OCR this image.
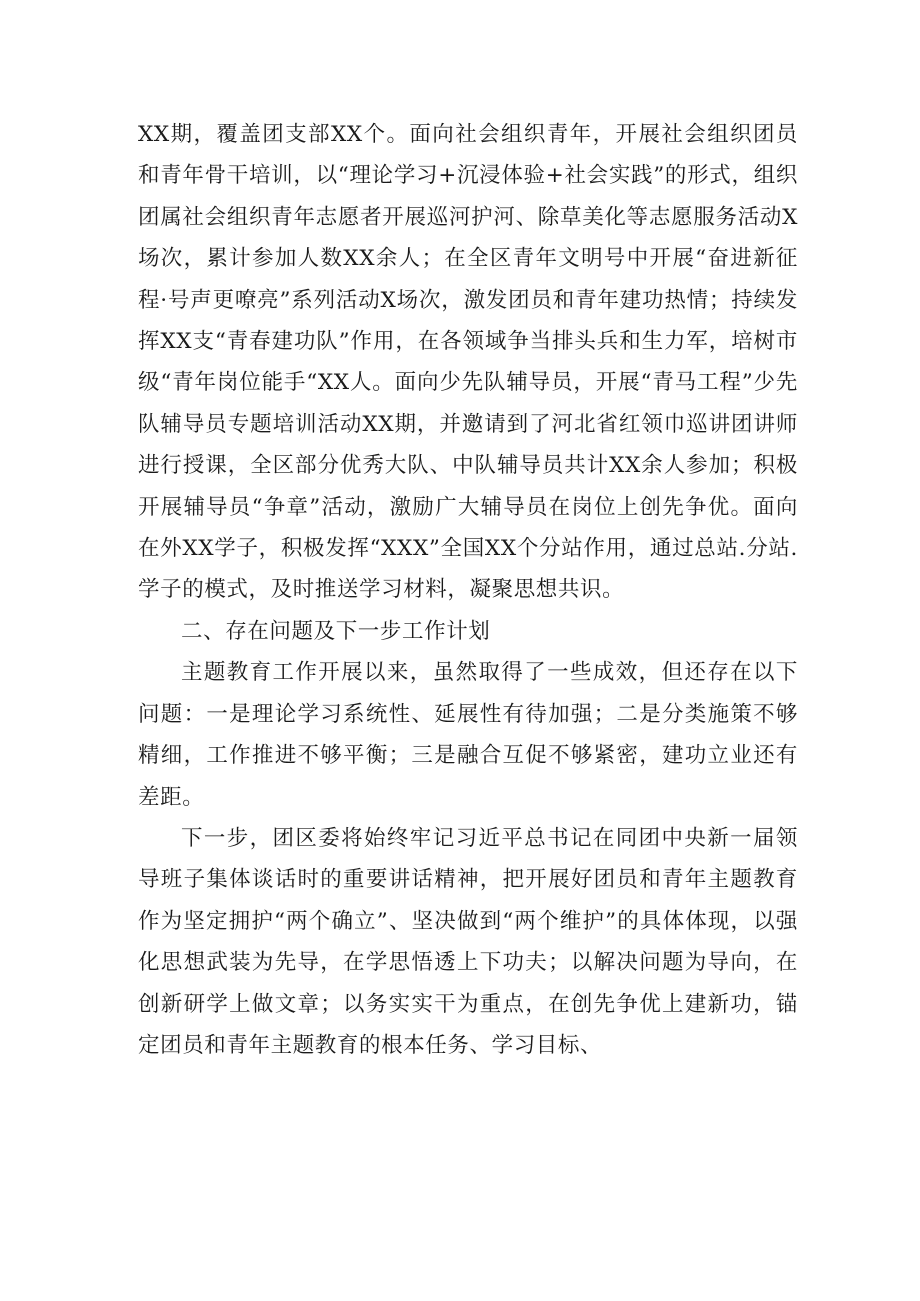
XX期，覆盖团支部XX个。面向社会组织青年，开展社会组织团员和青年骨干培训，以“理论学习+沉浸体验+社会实践”的形式，组织团属社会组织青年志愿者开展巡河护河、除草美化等志愿服务活动X场次，累计参加人数XX余人；在全区青年文明号中开展“奋进新征程·号声更嘹亮”系列活动X场次，激发团员和青年建功热情；持续发挥XX支“青春建功队”作用，在各领域争当排头兵和生力军，培树市级“青年岗位能手“XX人。面向少先队辅导员，开展“青马工程”少先队辅导员专题培训活动XX期，并邀请到了河北省红领巾巡讲团讲师进行授课，全区部分优秀大队、中队辅导员共计XX余人参加；积极开展辅导员“争章”活动，激励广大辅导员在岗位上创先争优。面向在外XX学子，积极发挥“XXX”全国XX个分站作用，通过总站.分站.学子的模式，及时推送学习材料，凝聚思想共识。

二、存在问题及下一步工作计划

主题教育工作开展以来，虽然取得了一些成效，但还存在以下问题：一是理论学习系统性、延展性有待加强；二是分类施策不够精细，工作推进不够平衡；三是融合互促不够紧密，建功立业还有差距。

下一步，团区委将始终牢记习近平总书记在同团中央新一届领导班子集体谈话时的重要讲话精神，把开展好团员和青年主题教育作为坚定拥护“两个确立”、坚决做到“两个维护”的具体体现，以强化思想武装为先导，在学思悟透上下功夫；以解决问题为导向，在创新研学上做文章；以务实实干为重点，在创先争优上建新功，锚定团员和青年主题教育的根本任务、学习目标、
